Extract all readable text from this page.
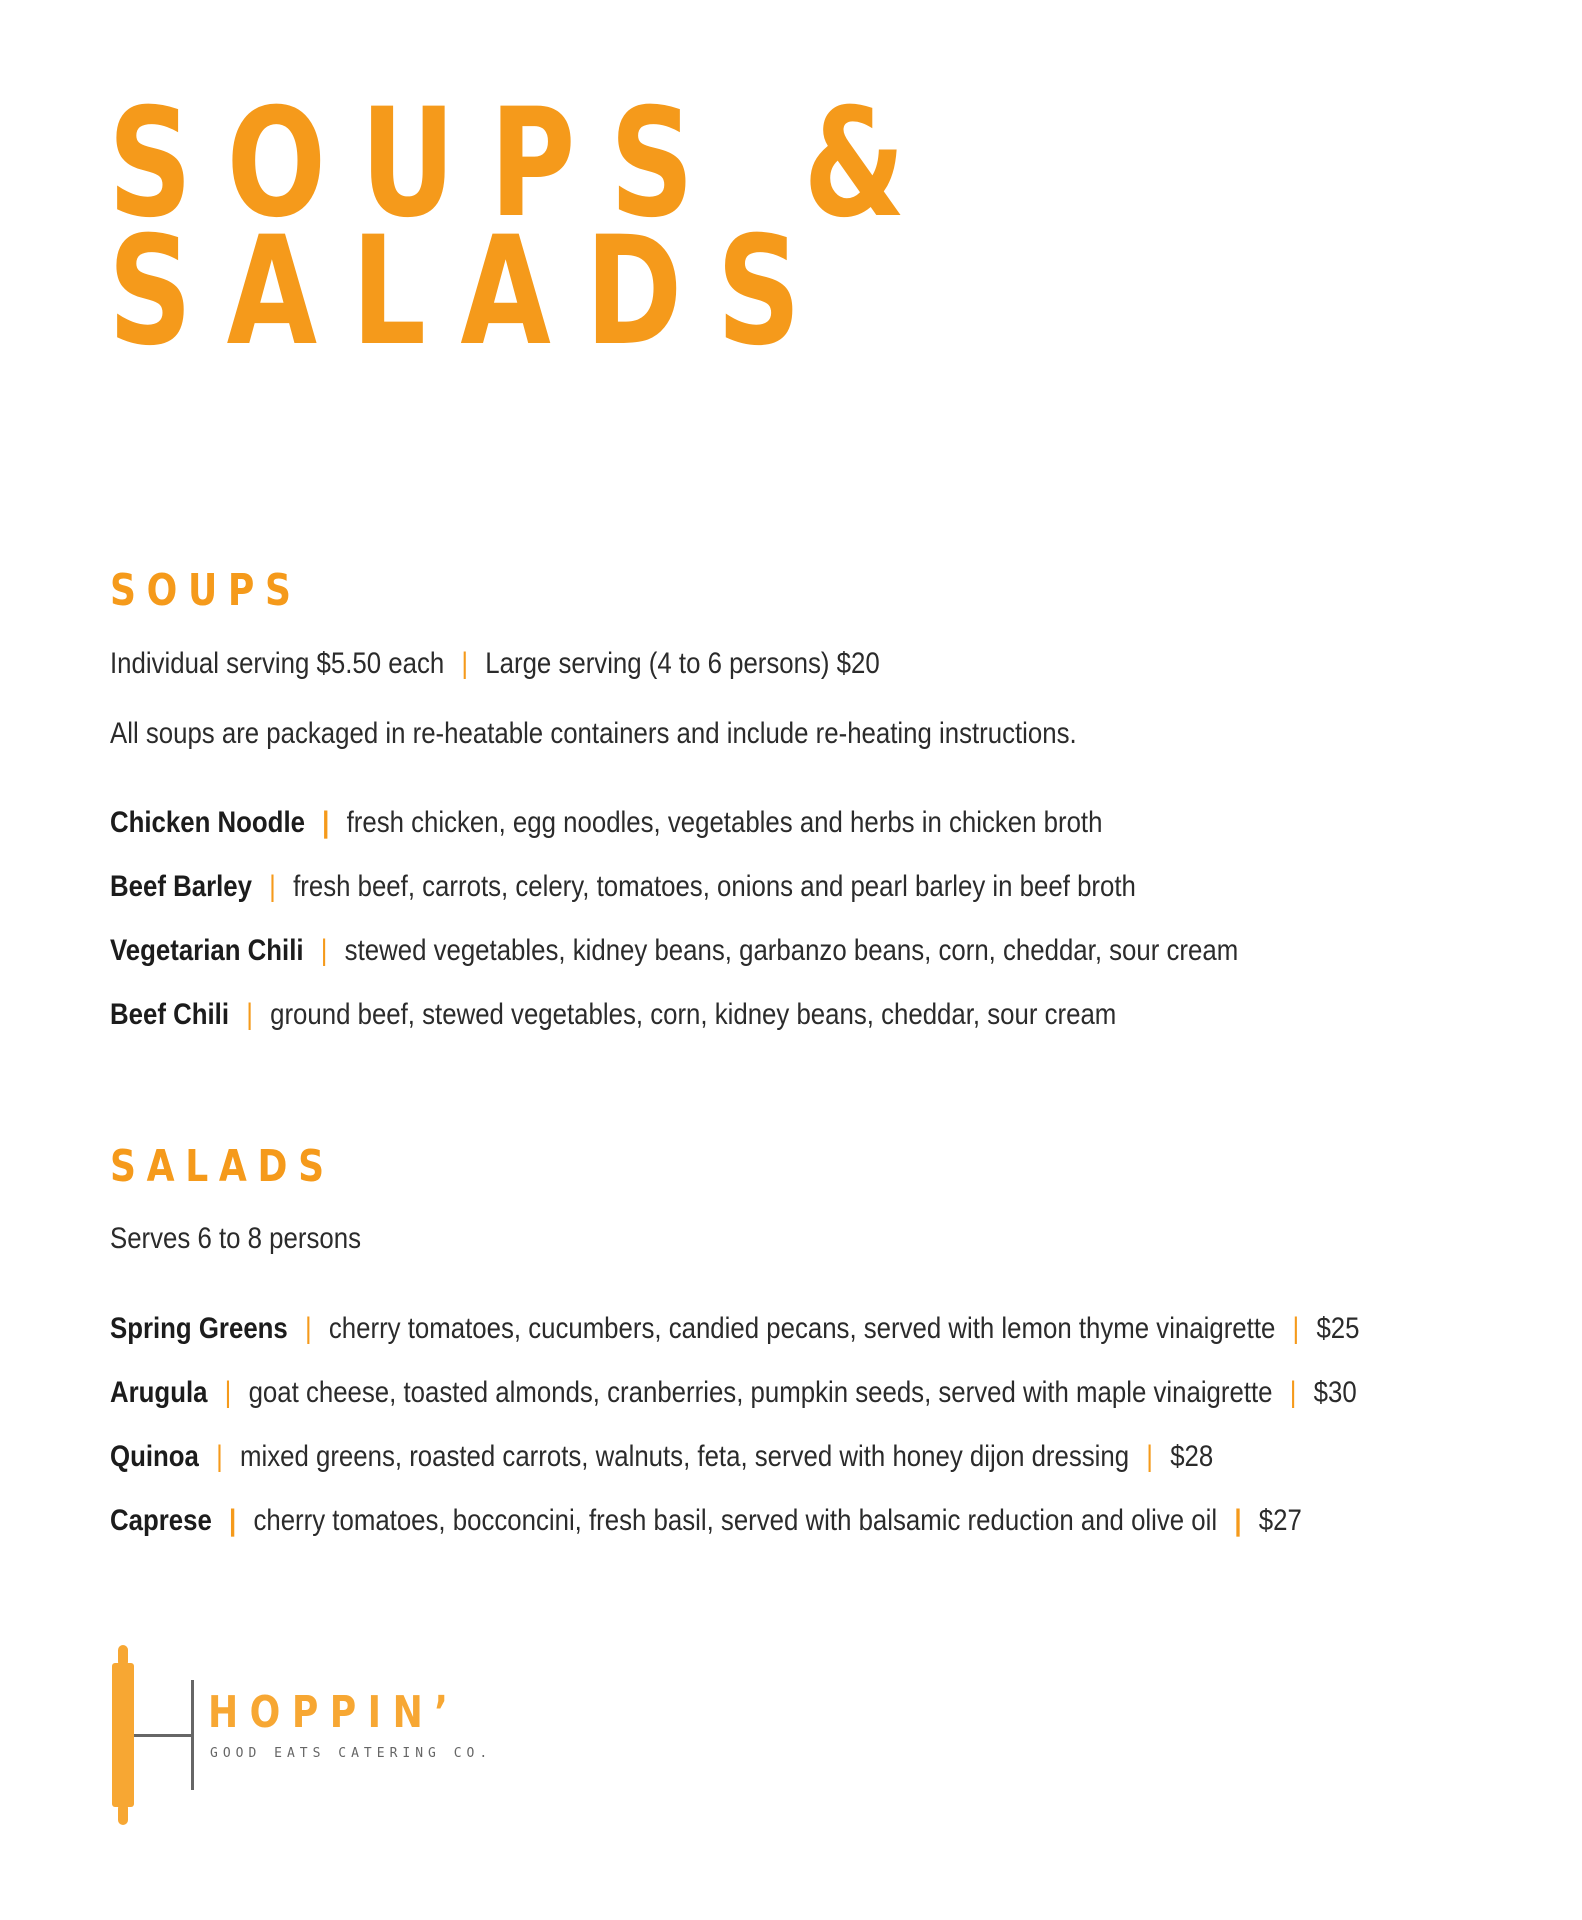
SOUPS &
SALADS
SOUPS

Individual serving $5.50 each | Large serving (4 to 6 persons) $20

All soups are packaged in re-heatable containers and include re-heating instructions.

Chicken Noodle | fresh chicken, egg noodles, vegetables and herbs in chicken broth

Beef Barley | fresh beef, carrots, celery, tomatoes, onions and pearl barley in beef broth

Vegetarian Chili | stewed vegetables, kidney beans, garbanzo beans, corn, cheddar, sour cream

Beef Chili | ground beef, stewed vegetables, corn, kidney beans, cheddar, sour cream

SALADS

Serves 6 to 8 persons

Spring Greens | cherry tomatoes, cucumbers, candied pecans, served with lemon thyme vinaigrette | $25

Arugula | goat cheese, toasted almonds, cranberries, pumpkin seeds, served with maple vinaigrette | $30

Quinoa | mixed greens, roasted carrots, walnuts, feta, served with honey dijon dressing | $28

Caprese | cherry tomatoes, bocconcini, fresh basil, served with balsamic reduction and olive oil | $27

HOPPIN’
GOOD EATS CATERING CO.
